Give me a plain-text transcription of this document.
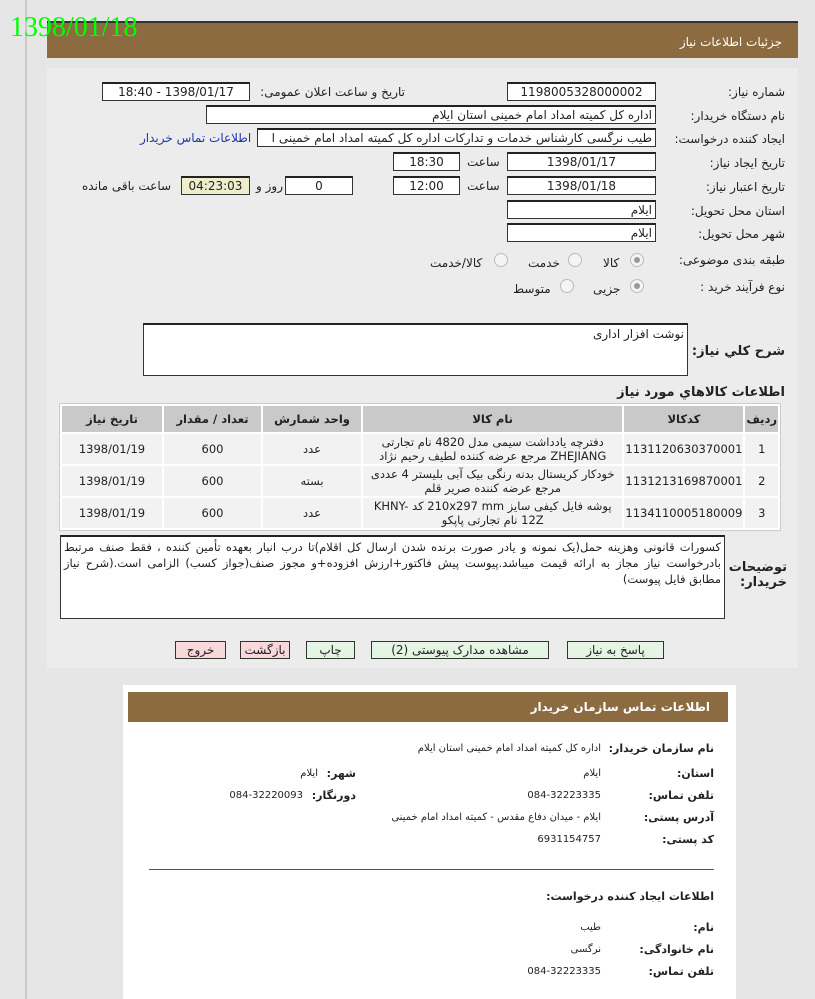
1398/01/18	جزئیات اطلاعات نیاز
شماره نیاز:
1198005328000002
تاریخ و ساعت اعلان عمومی:
1398/01/17 - 18:40
نام دستگاه خریدار:
اداره کل کمیته امداد امام خمینی استان ایلام
ایجاد کننده درخواست:
طیب نرگسی کارشناس خدمات و تدارکات اداره کل کمیته امداد امام خمینی ا
اطلاعات تماس خریدار
تاریخ ایجاد نیاز:
1398/01/17
ساعت
18:30
تاریخ اعتبار نیاز:
1398/01/18
ساعت
12:00
0
روز و
04:23:03
ساعت باقی مانده
استان محل تحویل:
ایلام
شهر محل تحویل:
ایلام
طبقه بندی موضوعی:
کالا
خدمت
کالا/خدمت
نوع فرآیند خرید :
جزیی
متوسط
شرح کلي نياز:
نوشت افزار اداری
اطلاعات کالاهاي مورد نياز
ردیف	کدکالا	نام کالا	واحد شمارش	تعداد / مقدار	تاریخ نیاز
1	1131120630370001	دفترچه یادداشت سیمی مدل 4820 نام تجارتی ZHEJIANG مرجع عرضه کننده لطیف رحیم نژاد	عدد	600	1398/01/19
2	1131213169870001	خودکار کریستال بدنه رنگی بیک آبی بلیستر 4 عددی مرجع عرضه کننده صریر قلم	بسته	600	1398/01/19
3	1134110005180009	پوشه فایل کیفی سایز 210x297 mm کد KHNY-12Z نام تجارتی پاپکو	عدد	600	1398/01/19
توضیحات خریدار:
کسورات قانونی وهزینه حمل(یک نمونه و یادر صورت برنده شدن ارسال کل اقلام)تا درب انبار بعهده تأمین کننده ، فقط صنف مرتبط بادرخواست نیاز مجاز به ارائه قیمت میباشد.پیوست پیش فاکتور+ارزش افزوده+و مجوز صنف(جواز کسب) الزامی است.(شرح نیاز مطابق فایل پیوست)
پاسخ به نیاز
مشاهده مدارک پیوستی (2)
چاپ
بازگشت
خروج
اطلاعات تماس سازمان خریدار
نام سازمان خریدار:
اداره کل کمیته امداد امام خمینی استان ایلام
استان:
ایلام
شهر:
ایلام
تلفن تماس:
084-32223335
دورنگار:
084-32220093
آدرس پستی:
ایلام - میدان دفاع مقدس - کمیته امداد امام خمینی
کد پستی:
6931154757
اطلاعات ایجاد کننده درخواست:
نام:
طیب
نام خانوادگی:
نرگسی
تلفن تماس:
084-32223335
